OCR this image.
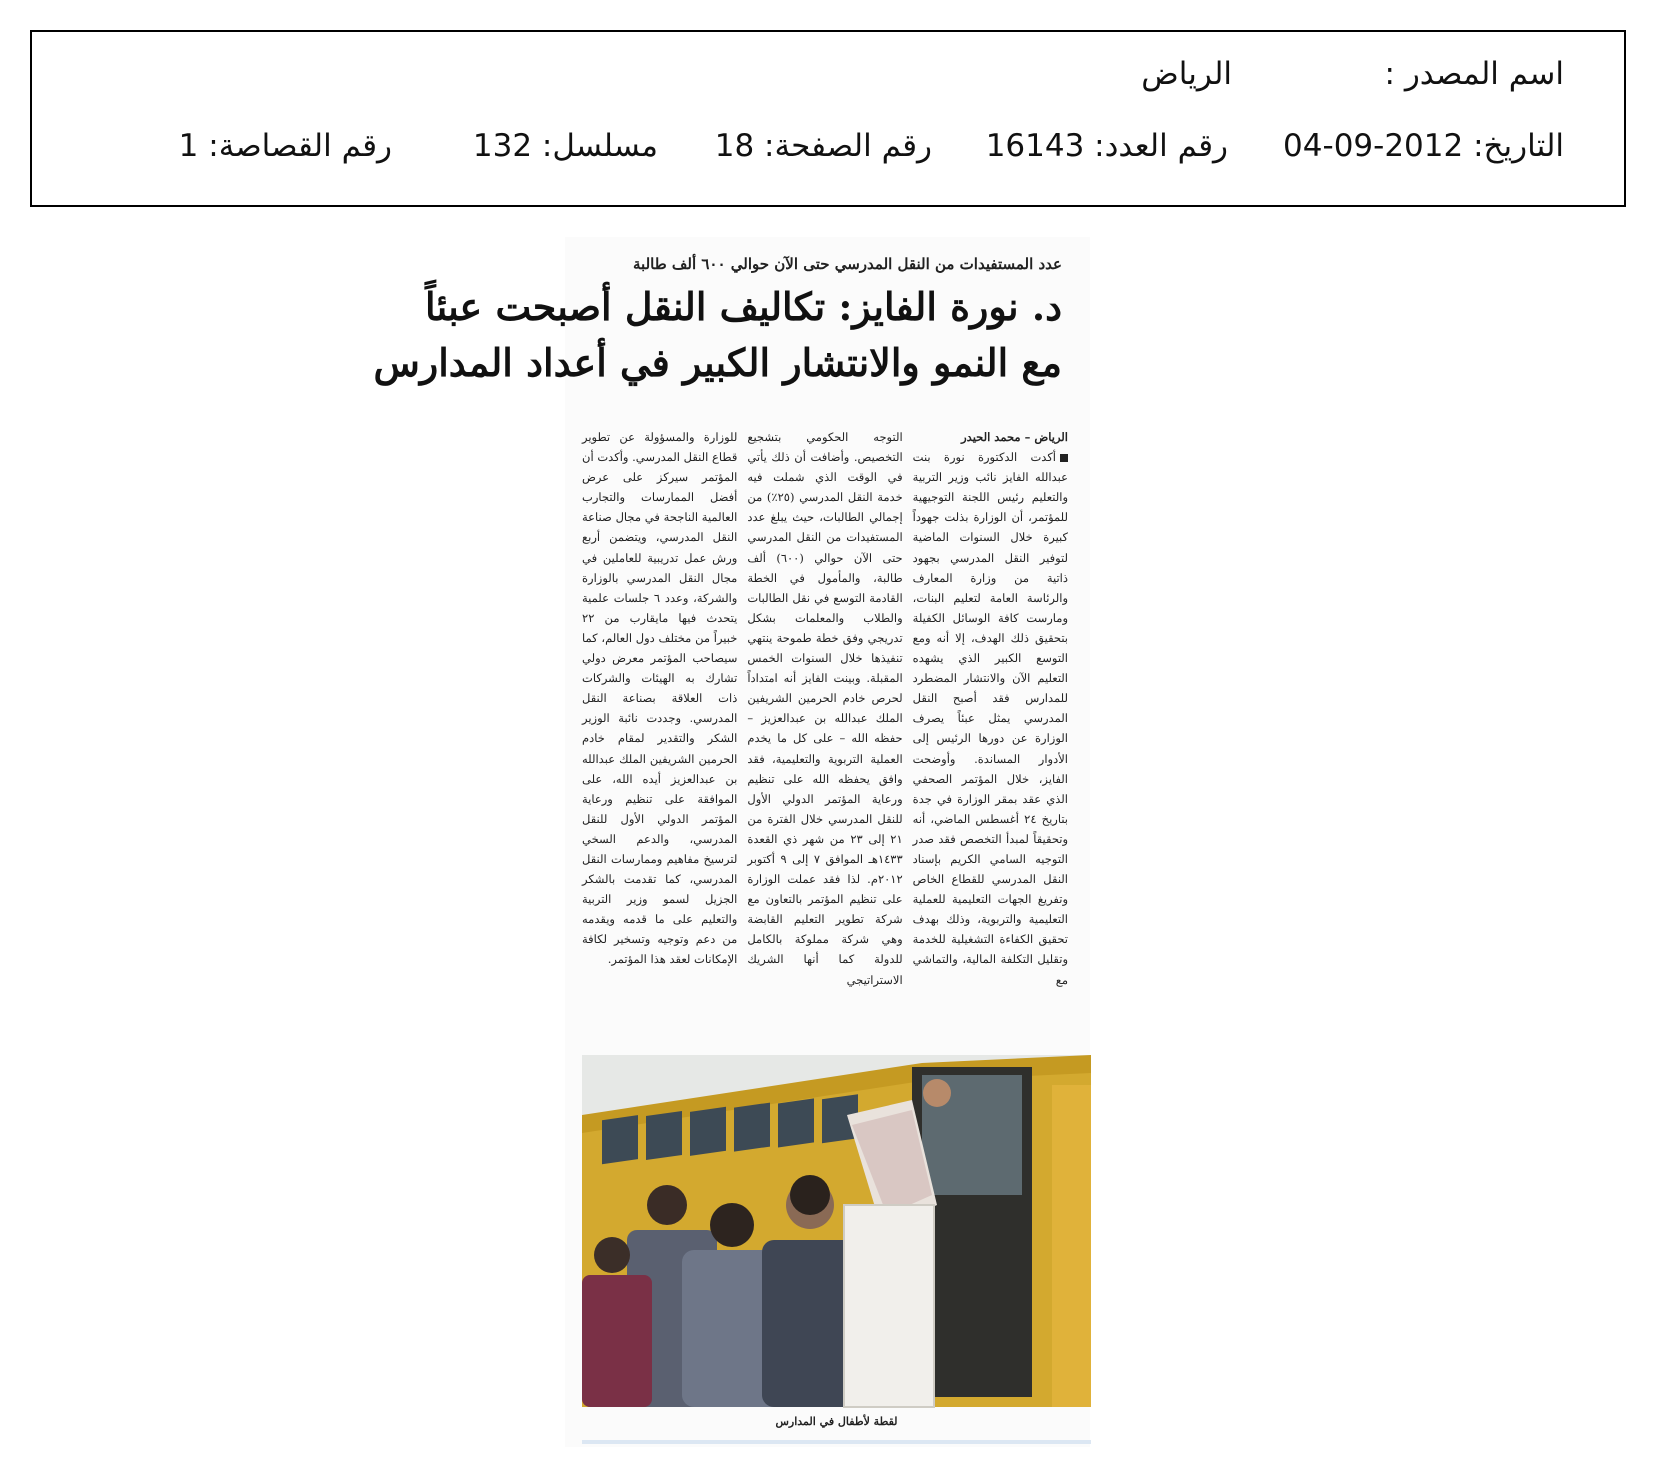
اسم المصدر :
الرياض
التاريخ: 2012-09-04
رقم العدد: 16143
رقم الصفحة: 18
مسلسل: 132
رقم القصاصة: 1
عدد المستفيدات من النقل المدرسي حتى الآن حوالي ٦٠٠ ألف طالبة
د. نورة الفايز: تكاليف النقل أصبحت عبئاً
مع النمو والانتشار الكبير في أعداد المدارس
الرياض – محمد الحيدر
أكدت الدكتورة نورة بنت عبدالله الفايز نائب وزير التربية والتعليم رئيس اللجنة التوجيهية للمؤتمر، أن الوزارة بذلت جهوداً كبيرة خلال السنوات الماضية لتوفير النقل المدرسي بجهود ذاتية من وزارة المعارف والرئاسة العامة لتعليم البنات، ومارست كافة الوسائل الكفيلة بتحقيق ذلك الهدف، إلا أنه ومع التوسع الكبير الذي يشهده التعليم الآن والانتشار المضطرد للمدارس فقد أصبح النقل المدرسي يمثل عبئاً يصرف الوزارة عن دورها الرئيس إلى الأدوار المساندة. وأوضحت الفايز، خلال المؤتمر الصحفي الذي عقد بمقر الوزارة في جدة بتاريخ ٢٤ أغسطس الماضي، أنه وتحقيقاً لمبدأ التخصص فقد صدر التوجيه السامي الكريم بإسناد النقل المدرسي للقطاع الخاص وتفريغ الجهات التعليمية للعملية التعليمية والتربوية، وذلك بهدف تحقيق الكفاءة التشغيلية للخدمة وتقليل التكلفة المالية، والتماشي مع
التوجه الحكومي بتشجيع التخصيص. وأضافت أن ذلك يأتي في الوقت الذي شملت فيه خدمة النقل المدرسي (٢٥٪) من إجمالي الطالبات، حيث يبلغ عدد المستفيدات من النقل المدرسي حتى الآن حوالي (٦٠٠) ألف طالبة، والمأمول في الخطة القادمة التوسع في نقل الطالبات والطلاب والمعلمات بشكل تدريجي وفق خطة طموحة ينتهي تنفيذها خلال السنوات الخمس المقبلة. وبينت الفايز أنه امتداداً لحرص خادم الحرمين الشريفين الملك عبدالله بن عبدالعزيز – حفظه الله – على كل ما يخدم العملية التربوية والتعليمية، فقد وافق يحفظه الله على تنظيم ورعاية المؤتمر الدولي الأول للنقل المدرسي خلال الفترة من ٢١ إلى ٢٣ من شهر ذي القعدة ١٤٣٣هـ الموافق ٧ إلى ٩ أكتوبر ٢٠١٢م. لذا فقد عملت الوزارة على تنظيم المؤتمر بالتعاون مع شركة تطوير التعليم القابضة وهي شركة مملوكة بالكامل للدولة كما أنها الشريك الاستراتيجي
للوزارة والمسؤولة عن تطوير قطاع النقل المدرسي. وأكدت أن المؤتمر سيركز على عرض أفضل الممارسات والتجارب العالمية الناجحة في مجال صناعة النقل المدرسي، ويتضمن أربع ورش عمل تدريبية للعاملين في مجال النقل المدرسي بالوزارة والشركة، وعدد ٦ جلسات علمية يتحدث فيها مايقارب من ٢٢ خبيراً من مختلف دول العالم، كما سيصاحب المؤتمر معرض دولي تشارك به الهيئات والشركات ذات العلاقة بصناعة النقل المدرسي. وجددت نائبة الوزير الشكر والتقدير لمقام خادم الحرمين الشريفين الملك عبدالله بن عبدالعزيز أيده الله، على الموافقة على تنظيم ورعاية المؤتمر الدولي الأول للنقل المدرسي، والدعم السخي لترسيخ مفاهيم وممارسات النقل المدرسي، كما تقدمت بالشكر الجزيل لسمو وزير التربية والتعليم على ما قدمه ويقدمه من دعم وتوجيه وتسخير لكافة الإمكانات لعقد هذا المؤتمر.
لقطة لأطفال في المدارس
